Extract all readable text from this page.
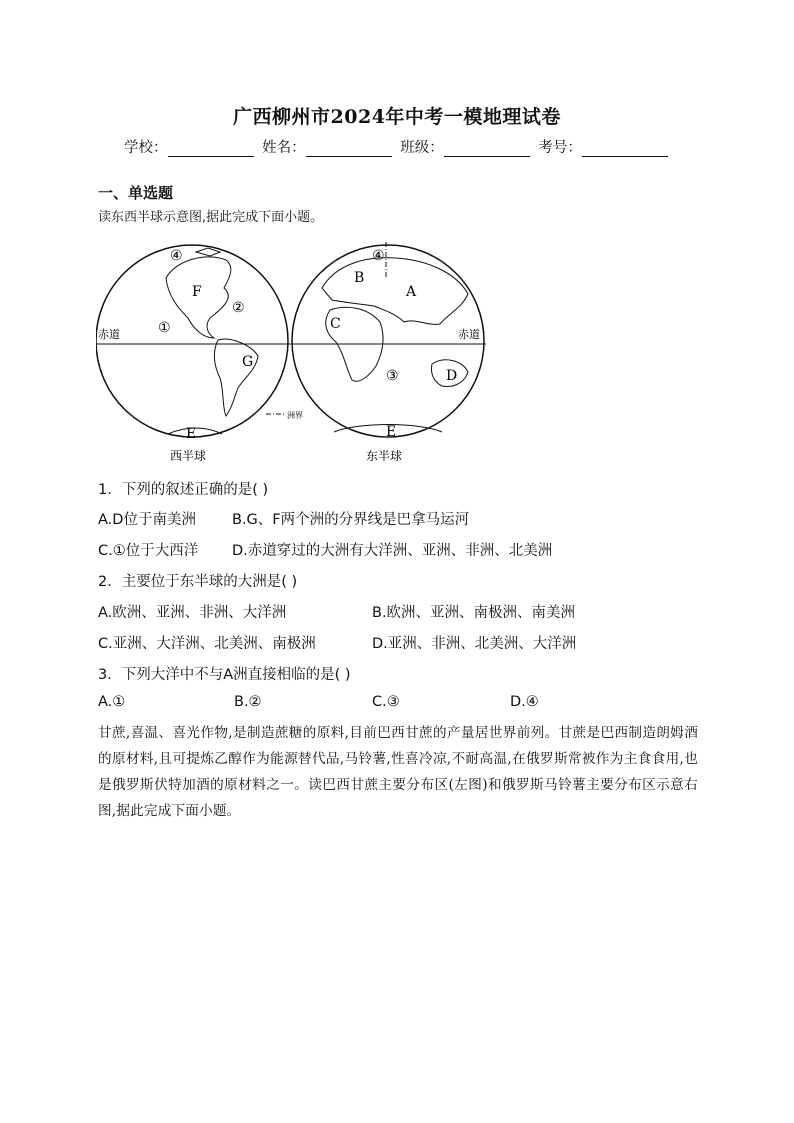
广西柳州市2024年中考一模地理试卷
学校：	姓名：	班级：	考号：
一、单选题
读东西半球示意图,据此完成下面小题。
洲界
赤道
④
F
②
①
G
E
西半球
赤道
④
B
A
C
③	D
E
东半球
1．下列的叙述正确的是( )
A.D位于南美洲 B.G、F两个洲的分界线是巴拿马运河
C.①位于大西洋 D.赤道穿过的大洲有大洋洲、亚洲、非洲、北美洲
2．主要位于东半球的大洲是( )
A.欧洲、亚洲、非洲、大洋洲	B.欧洲、亚洲、南极洲、南美洲
C.亚洲、大洋洲、北美洲、南极洲	D.亚洲、非洲、北美洲、大洋洲
3．下列大洋中不与A洲直接相临的是( )
A.①	B.②	C.③	D.④
甘蔗,喜温、喜光作物,是制造蔗糖的原料,目前巴西甘蔗的产量居世界前列。甘蔗是巴西制造朗姆酒的原材料,且可提炼乙醇作为能源替代品,马铃薯,性喜冷凉,不耐高温,在俄罗斯常被作为主食食用,也是俄罗斯伏特加酒的原材料之一。读巴西甘蔗主要分布区(左图)和俄罗斯马铃薯主要分布区示意右图,据此完成下面小题。
